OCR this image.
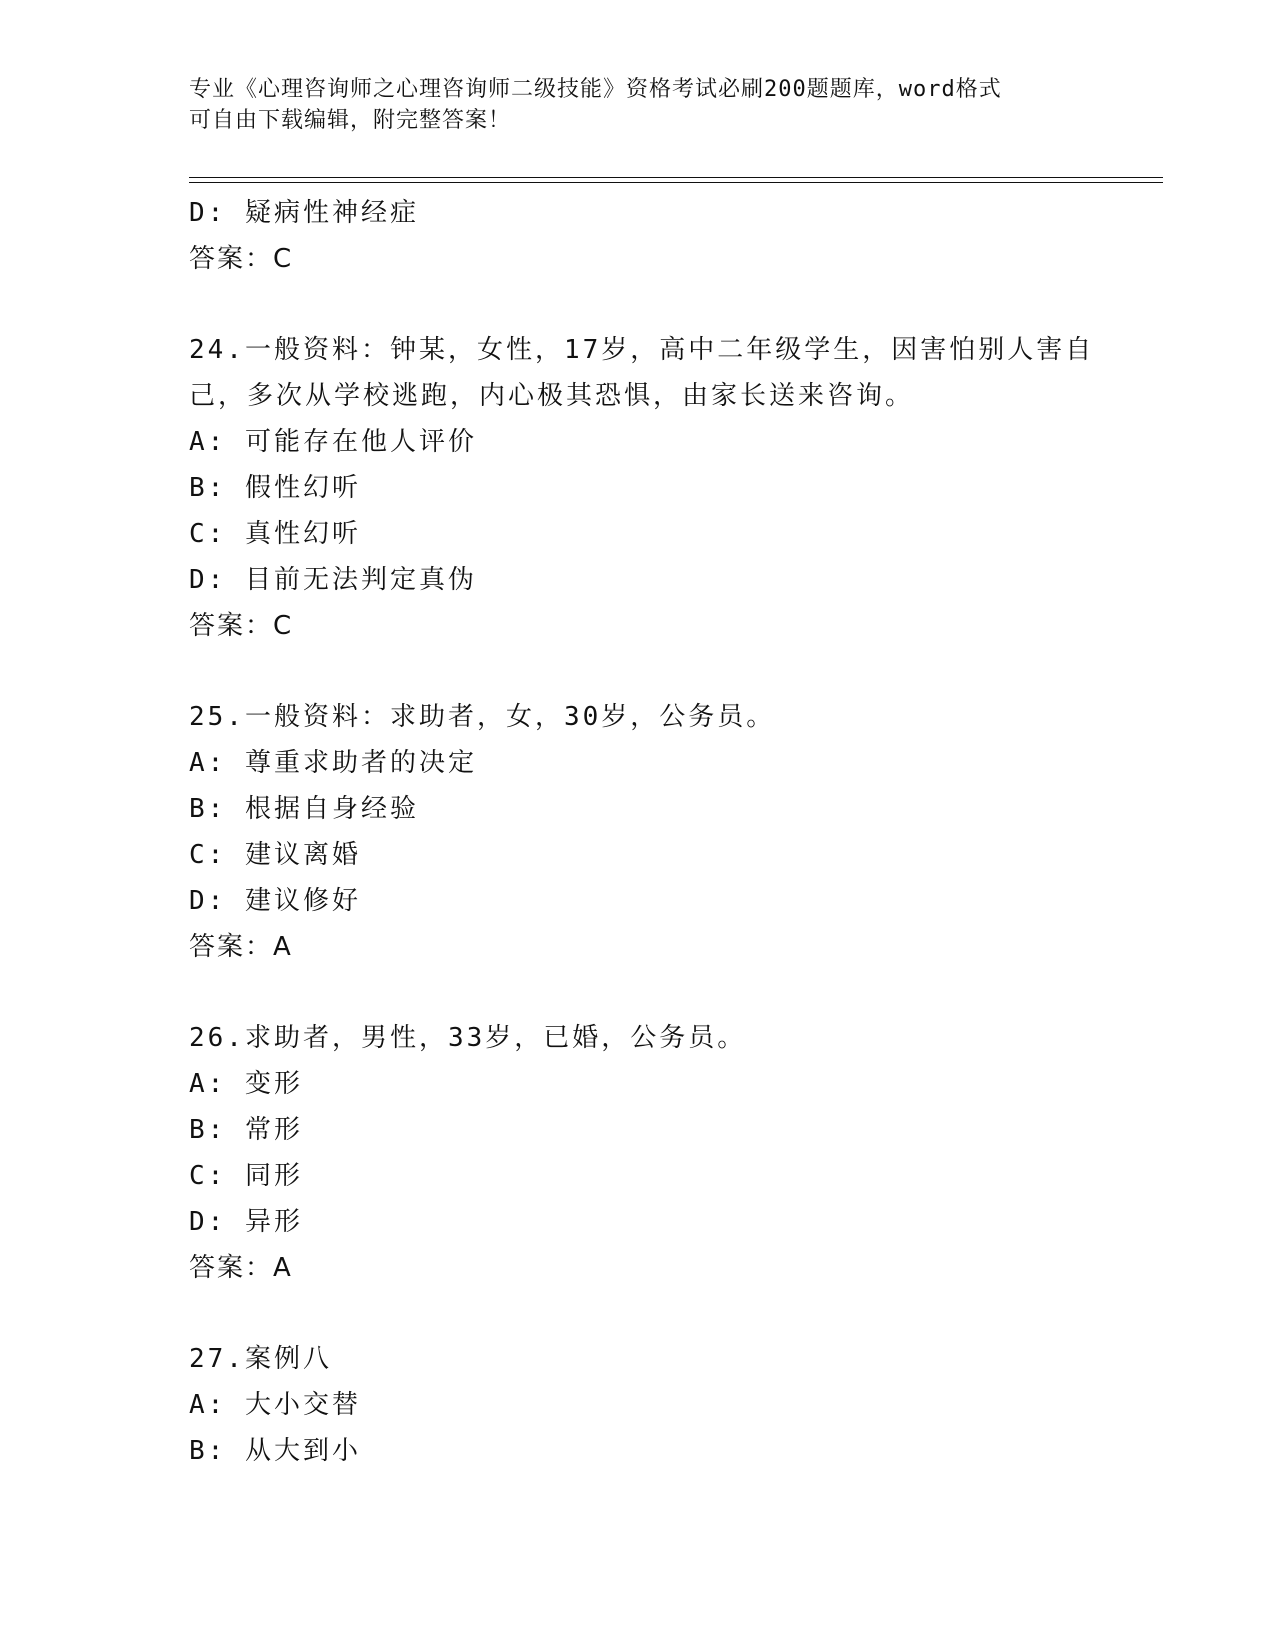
专业《心理咨询师之心理咨询师二级技能》资格考试必刷200题题库，word格式
可自由下载编辑，附完整答案！
D: 疑病性神经症
答案：C
24.一般资料：钟某，女性，17岁，高中二年级学生，因害怕别人害自
己，多次从学校逃跑，内心极其恐惧，由家长送来咨询。
A: 可能存在他人评价
B: 假性幻听
C: 真性幻听
D: 目前无法判定真伪
答案：C
25.一般资料：求助者，女，30岁，公务员。
A: 尊重求助者的决定
B: 根据自身经验
C: 建议离婚
D: 建议修好
答案：A
26.求助者，男性，33岁，已婚，公务员。
A: 变形
B: 常形
C: 同形
D: 异形
答案：A
27.案例八
A: 大小交替
B: 从大到小
